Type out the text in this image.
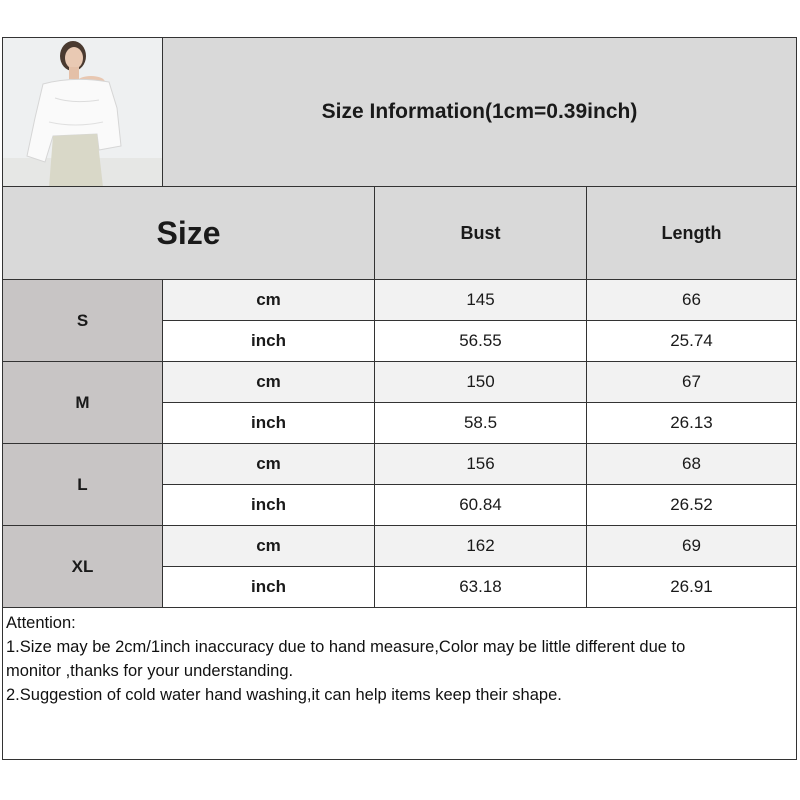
Size Information(1cm=0.39inch)
Size	Bust	Length
S
cm	145	66
inch	56.55	25.74
M
cm	150	67
inch	58.5	26.13
L
cm	156	68
inch	60.84	26.52
XL
cm	162	69
inch	63.18	26.91
Attention:
1.Size may be 2cm/1inch inaccuracy due to hand measure,Color may be little different due to
monitor ,thanks for your understanding.
2.Suggestion of cold water hand washing,it can help items keep their shape.
